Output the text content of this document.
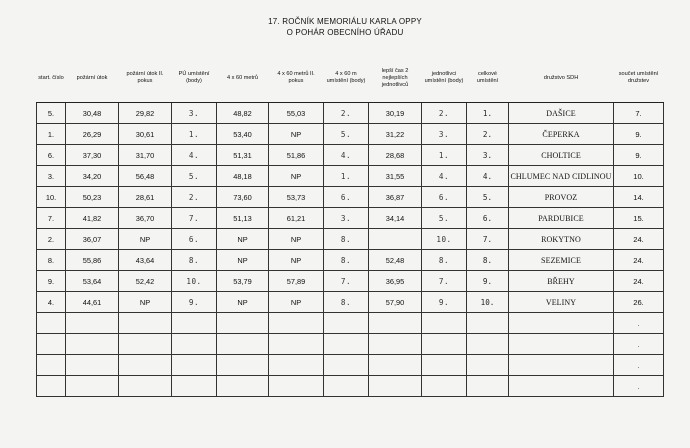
17. ROČNÍK MEMORIÁLU KARLA OPPY
O POHÁR OBECNÍHO ÚŘADU
start. číslo	požární útok	požární útok II. pokus	PÚ umístění (body)	4 x 60 metrů	4 x 60 metrů II. pokus	4 x 60 m umístění (body)	lepší čas 2 nejlepších jednotlivců	jednotlivci umístění (body)	celkové umístění	družstvo SDH	součet umístění družstev

5.	30,48	29,82	3.	48,82	55,03	2.	30,19	2.	1.	DAŠICE	7.
1.	26,29	30,61	1.	53,40	NP	5.	31,22	3.	2.	ČEPERKA	9.
6.	37,30	31,70	4.	51,31	51,86	4.	28,68	1.	3.	CHOLTICE	9.
3.	34,20	56,48	5.	48,18	NP	1.	31,55	4.	4.	CHLUMEC NAD CIDLINOU	10.
10.	50,23	28,61	2.	73,60	53,73	6.	36,87	6.	5.	PROVOZ	14.
7.	41,82	36,70	7.	51,13	61,21	3.	34,14	5.	6.	PARDUBICE	15.
2.	36,07	NP	6.	NP	NP	8.		10.	7.	ROKYTNO	24.
8.	55,86	43,64	8.	NP	NP	8.	52,48	8.	8.	SEZEMICE	24.
9.	53,64	52,42	10.	53,79	57,89	7.	36,95	7.	9.	BŘEHY	24.
4.	44,61	NP	9.	NP	NP	8.	57,90	9.	10.	VELINY	26.
											.
											.
											.
											.
